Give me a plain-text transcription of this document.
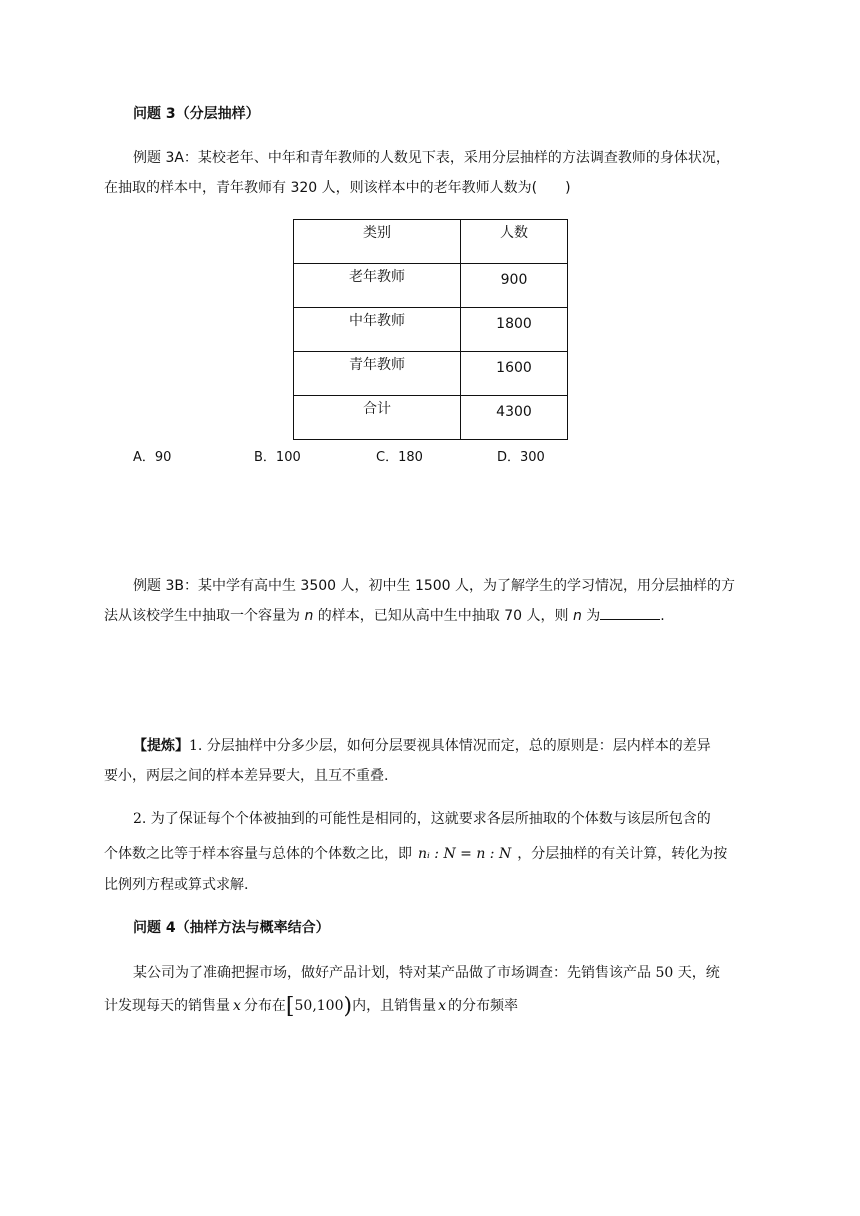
问题 3（分层抽样）
例题 3A：某校老年、中年和青年教师的人数见下表，采用分层抽样的方法调查教师的身体状况，
在抽取的样本中，青年教师有 320 人，则该样本中的老年教师人数为(　　)
类别	人数

老年教师	900

中年教师	1800

青年教师	1600

合计	4300
A．90	B．100	C．180	D．300
例题 3B：某中学有高中生 3500 人，初中生 1500 人，为了解学生的学习情况，用分层抽样的方
法从该校学生中抽取一个容量为 n 的样本，已知从高中生中抽取 70 人，则 n 为	.
【提炼】1. 分层抽样中分多少层，如何分层要视具体情况而定，总的原则是：层内样本的差异
要小，两层之间的样本差异要大，且互不重叠.
2. 为了保证每个个体被抽到的可能性是相同的，这就要求各层所抽取的个体数与该层所包含的
个体数之比等于样本容量与总体的个体数之比，即 nᵢ : N = n : N ，分层抽样的有关计算，转化为按
比例列方程或算式求解.
问题 4（抽样方法与概率结合）
某公司为了准确把握市场，做好产品计划，特对某产品做了市场调查：先销售该产品 50 天，统
计发现每天的销售量 x 分布在[50,100)内，且销售量 x 的分布频率
